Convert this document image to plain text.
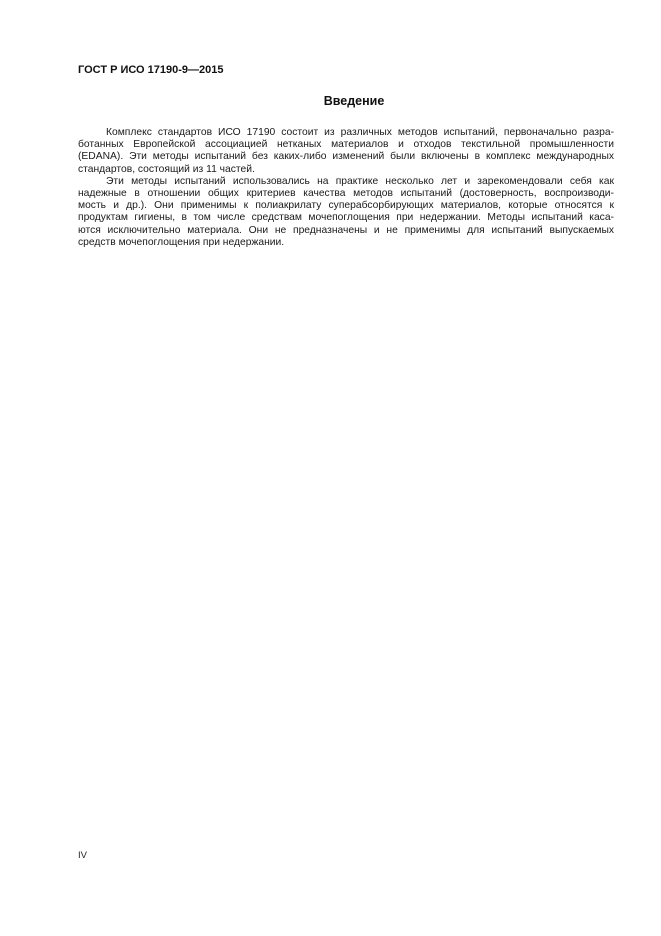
ГОСТ Р ИСО 17190-9—2015
Введение
Комплекс стандартов ИСО 17190 состоит из различных методов испытаний, первоначально разра-
ботанных Европейской ассоциацией нетканых материалов и отходов текстильной промышленности
(EDANA). Эти методы испытаний без каких-либо изменений были включены в комплекс международных
стандартов, состоящий из 11 частей.
Эти методы испытаний использовались на практике несколько лет и зарекомендовали себя как
надежные в отношении общих критериев качества методов испытаний (достоверность, воспроизводи-
мость и др.). Они применимы к полиакрилату суперабсорбирующих материалов, которые относятся к
продуктам гигиены, в том числе средствам мочепоглощения при недержании. Методы испытаний каса-
ются исключительно материала. Они не предназначены и не применимы для испытаний выпускаемых
средств мочепоглощения при недержании.
IV
